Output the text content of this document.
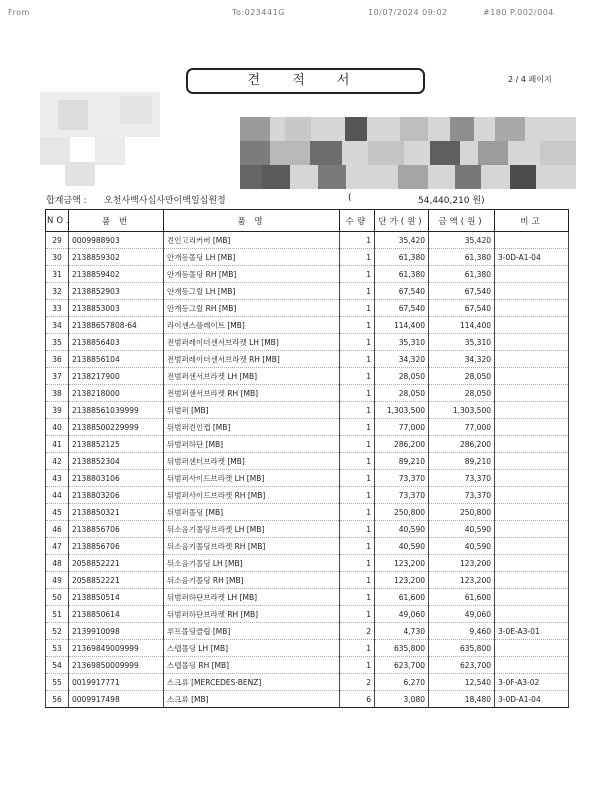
From	To:023441G	10/07/2024 09:02	#180 P.002/004
견 적 서	2 / 4 페이지
합계금액 : 오천사백사십사만이백일십원정	(	54,440,210 원)
NO.	품 번	품 명	수량	단가(원)	금액(원)	비고
29	0009988903	견인고리커버 [MB]	1	35,420	35,420	
30	2138859302	안개등몰딩 LH [MB]	1	61,380	61,380	3-0D-A1-04
31	2138859402	안개등몰딩 RH [MB]	1	61,380	61,380	
32	2138852903	안개등그릴 LH [MB]	1	67,540	67,540	
33	2138853003	안개등그릴 RH [MB]	1	67,540	67,540	
34	21388657808-64	라이센스플레이트 [MB]	1	114,400	114,400	
35	2138856403	전범퍼레이더센서브라켓 LH [MB]	1	35,310	35,310	
36	2138856104	전범퍼레이더센서브라켓 RH [MB]	1	34,320	34,320	
37	2138217900	전범퍼센서브라켓 LH [MB]	1	28,050	28,050	
38	2138218000	전범퍼센서브라켓 RH [MB]	1	28,050	28,050	
39	21388561039999	뒤범퍼 [MB]	1	1,303,500	1,303,500	
40	21388500229999	뒤범퍼견인캡 [MB]	1	77,000	77,000	
41	2138852125	뒤범퍼하단 [MB]	1	286,200	286,200	
42	2138852304	뒤범퍼센터브라켓 [MB]	1	89,210	89,210	
43	2138803106	뒤범퍼사이드브라켓 LH [MB]	1	73,370	73,370	
44	2138803206	뒤범퍼사이드브라켓 RH [MB]	1	73,370	73,370	
45	2138850321	뒤범퍼몰딩 [MB]	1	250,800	250,800	
46	2138856706	뒤소음기몰딩브라켓 LH [MB]	1	40,590	40,590	
47	2138856706	뒤소음기몰딩브라켓 RH [MB]	1	40,590	40,590	
48	2058852221	뒤소음기몰딩 LH [MB]	1	123,200	123,200	
49	2058852221	뒤소음기몰딩 RH [MB]	1	123,200	123,200	
50	2138850514	뒤범퍼하단브라켓 LH [MB]	1	61,600	61,600	
51	2138850614	뒤범퍼하단브라켓 RH [MB]	1	49,060	49,060	
52	2139910098	루프몰딩클립 [MB]	2	4,730	9,460	3-0E-A3-01
53	21369849009999	스텝몰딩 LH [MB]	1	635,800	635,800	
54	21369850009999	스텝몰딩 RH [MB]	1	623,700	623,700	
55	0019917771	스크류 [MERCEDES-BENZ]	2	6,270	12,540	3-0F-A3-02
56	0009917498	스크류 [MB]	6	3,080	18,480	3-0D-A1-04
